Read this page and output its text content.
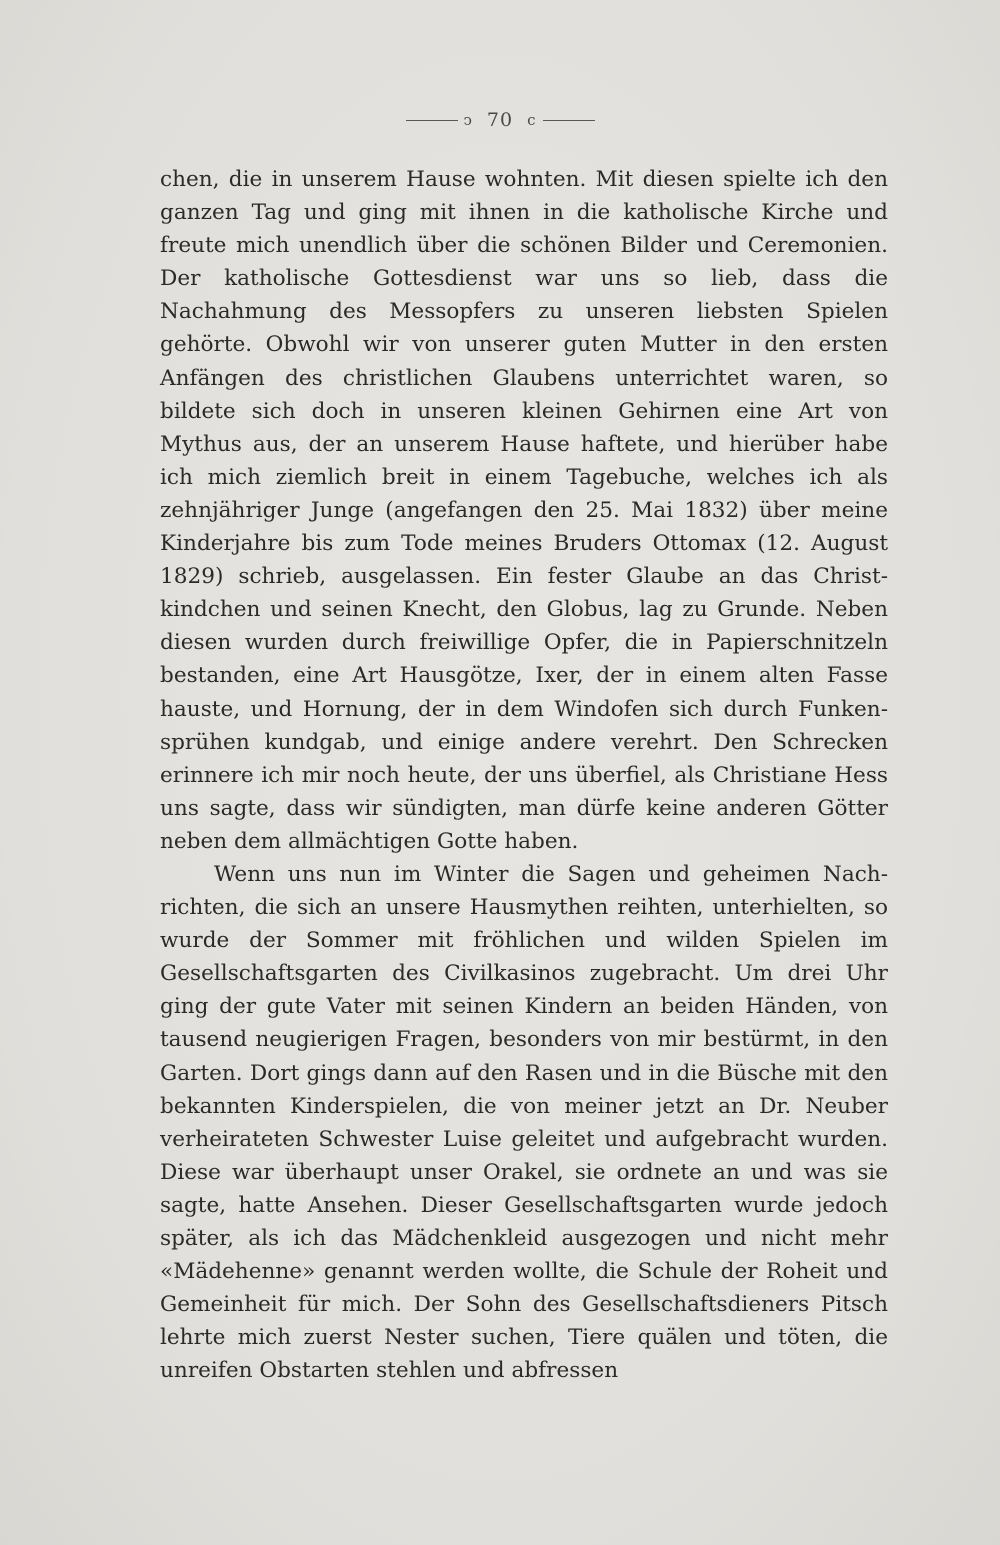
ↄ 70 c

chen, die in unserem Hause wohnten. Mit diesen spielte ich den ganzen Tag und ging mit ihnen in die katholische Kirche und freute mich unendlich über die schönen Bilder und Ceremonien. Der katholische Gottesdienst war uns so lieb, dass die Nachahmung des Messopfers zu unseren liebsten Spielen gehörte. Obwohl wir von unserer guten Mutter in den ersten Anfängen des christlichen Glaubens unterrichtet waren, so bildete sich doch in unseren kleinen Gehirnen eine Art von Mythus aus, der an unserem Hause haftete, und hierüber habe ich mich ziemlich breit in einem Tagebuche, welches ich als zehnjähriger Junge (angefangen den 25. Mai 1832) über meine Kinderjahre bis zum Tode meines Bruders Ottomax (12. August 1829) schrieb, ausgelassen. Ein fester Glaube an das Christkindchen und seinen Knecht, den Globus, lag zu Grunde. Neben diesen wurden durch freiwillige Opfer, die in Papierschnitzeln bestanden, eine Art Hausgötze, Ixer, der in einem alten Fasse hauste, und Hornung, der in dem Windofen sich durch Funkensprühen kundgab, und einige andere verehrt. Den Schrecken erinnere ich mir noch heute, der uns überfiel, als Christiane Hess uns sagte, dass wir sündigten, man dürfe keine anderen Götter neben dem allmächtigen Gotte haben.

Wenn uns nun im Winter die Sagen und geheimen Nachrichten, die sich an unsere Hausmythen reihten, unterhielten, so wurde der Sommer mit fröhlichen und wilden Spielen im Gesellschaftsgarten des Civilkasinos zugebracht. Um drei Uhr ging der gute Vater mit seinen Kindern an beiden Händen, von tausend neugierigen Fragen, besonders von mir bestürmt, in den Garten. Dort gings dann auf den Rasen und in die Büsche mit den bekannten Kinderspielen, die von meiner jetzt an Dr. Neuber verheirateten Schwester Luise geleitet und aufgebracht wurden. Diese war überhaupt unser Orakel, sie ordnete an und was sie sagte, hatte Ansehen. Dieser Gesellschaftsgarten wurde jedoch später, als ich das Mädchenkleid ausgezogen und nicht mehr «Mädehenne» genannt werden wollte, die Schule der Roheit und Gemeinheit für mich. Der Sohn des Gesellschaftsdieners Pitsch lehrte mich zuerst Nester suchen, Tiere quälen und töten, die unreifen Obstarten stehlen und abfressen
